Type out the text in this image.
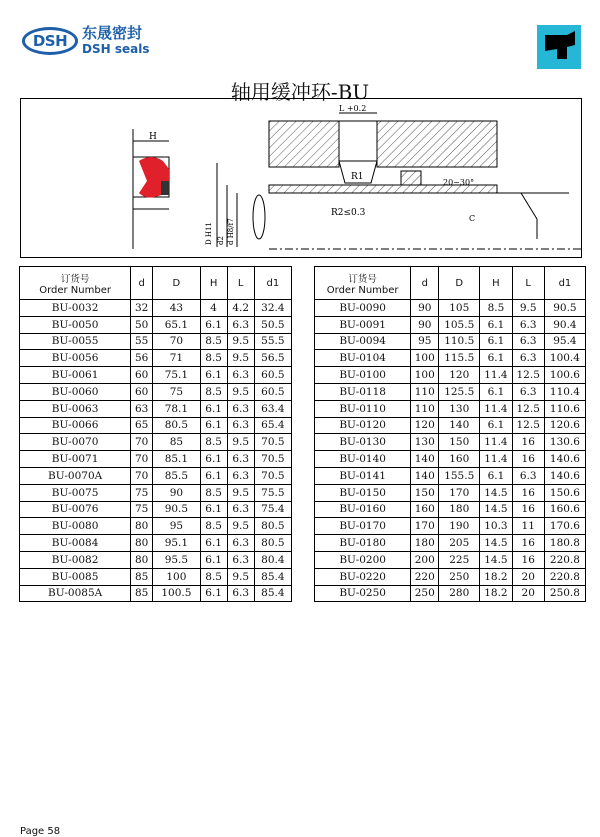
DSH 东晟密封
DSH seals
轴用缓冲环-BU
H
R1
L +0.2
R2≤0.3
20~30°
C
D H11 d2 d H8/f7
订货号
Order Number	d	D	H	L	d1
BU-0032	32	43	4	4.2	32.4
BU-0050	50	65.1	6.1	6.3	50.5
BU-0055	55	70	8.5	9.5	55.5
BU-0056	56	71	8.5	9.5	56.5
BU-0061	60	75.1	6.1	6.3	60.5
BU-0060	60	75	8.5	9.5	60.5
BU-0063	63	78.1	6.1	6.3	63.4
BU-0066	65	80.5	6.1	6.3	65.4
BU-0070	70	85	8.5	9.5	70.5
BU-0071	70	85.1	6.1	6.3	70.5
BU-0070A	70	85.5	6.1	6.3	70.5
BU-0075	75	90	8.5	9.5	75.5
BU-0076	75	90.5	6.1	6.3	75.4
BU-0080	80	95	8.5	9.5	80.5
BU-0084	80	95.1	6.1	6.3	80.5
BU-0082	80	95.5	6.1	6.3	80.4
BU-0085	85	100	8.5	9.5	85.4
BU-0085A	85	100.5	6.1	6.3	85.4
订货号
Order Number	d	D	H	L	d1
BU-0090	90	105	8.5	9.5	90.5
BU-0091	90	105.5	6.1	6.3	90.4
BU-0094	95	110.5	6.1	6.3	95.4
BU-0104	100	115.5	6.1	6.3	100.4
BU-0100	100	120	11.4	12.5	100.6
BU-0118	110	125.5	6.1	6.3	110.4
BU-0110	110	130	11.4	12.5	110.6
BU-0120	120	140	6.1	12.5	120.6
BU-0130	130	150	11.4	16	130.6
BU-0140	140	160	11.4	16	140.6
BU-0141	140	155.5	6.1	6.3	140.6
BU-0150	150	170	14.5	16	150.6
BU-0160	160	180	14.5	16	160.6
BU-0170	170	190	10.3	11	170.6
BU-0180	180	205	14.5	16	180.8
BU-0200	200	225	14.5	16	220.8
BU-0220	220	250	18.2	20	220.8
BU-0250	250	280	18.2	20	250.8
Page 58
